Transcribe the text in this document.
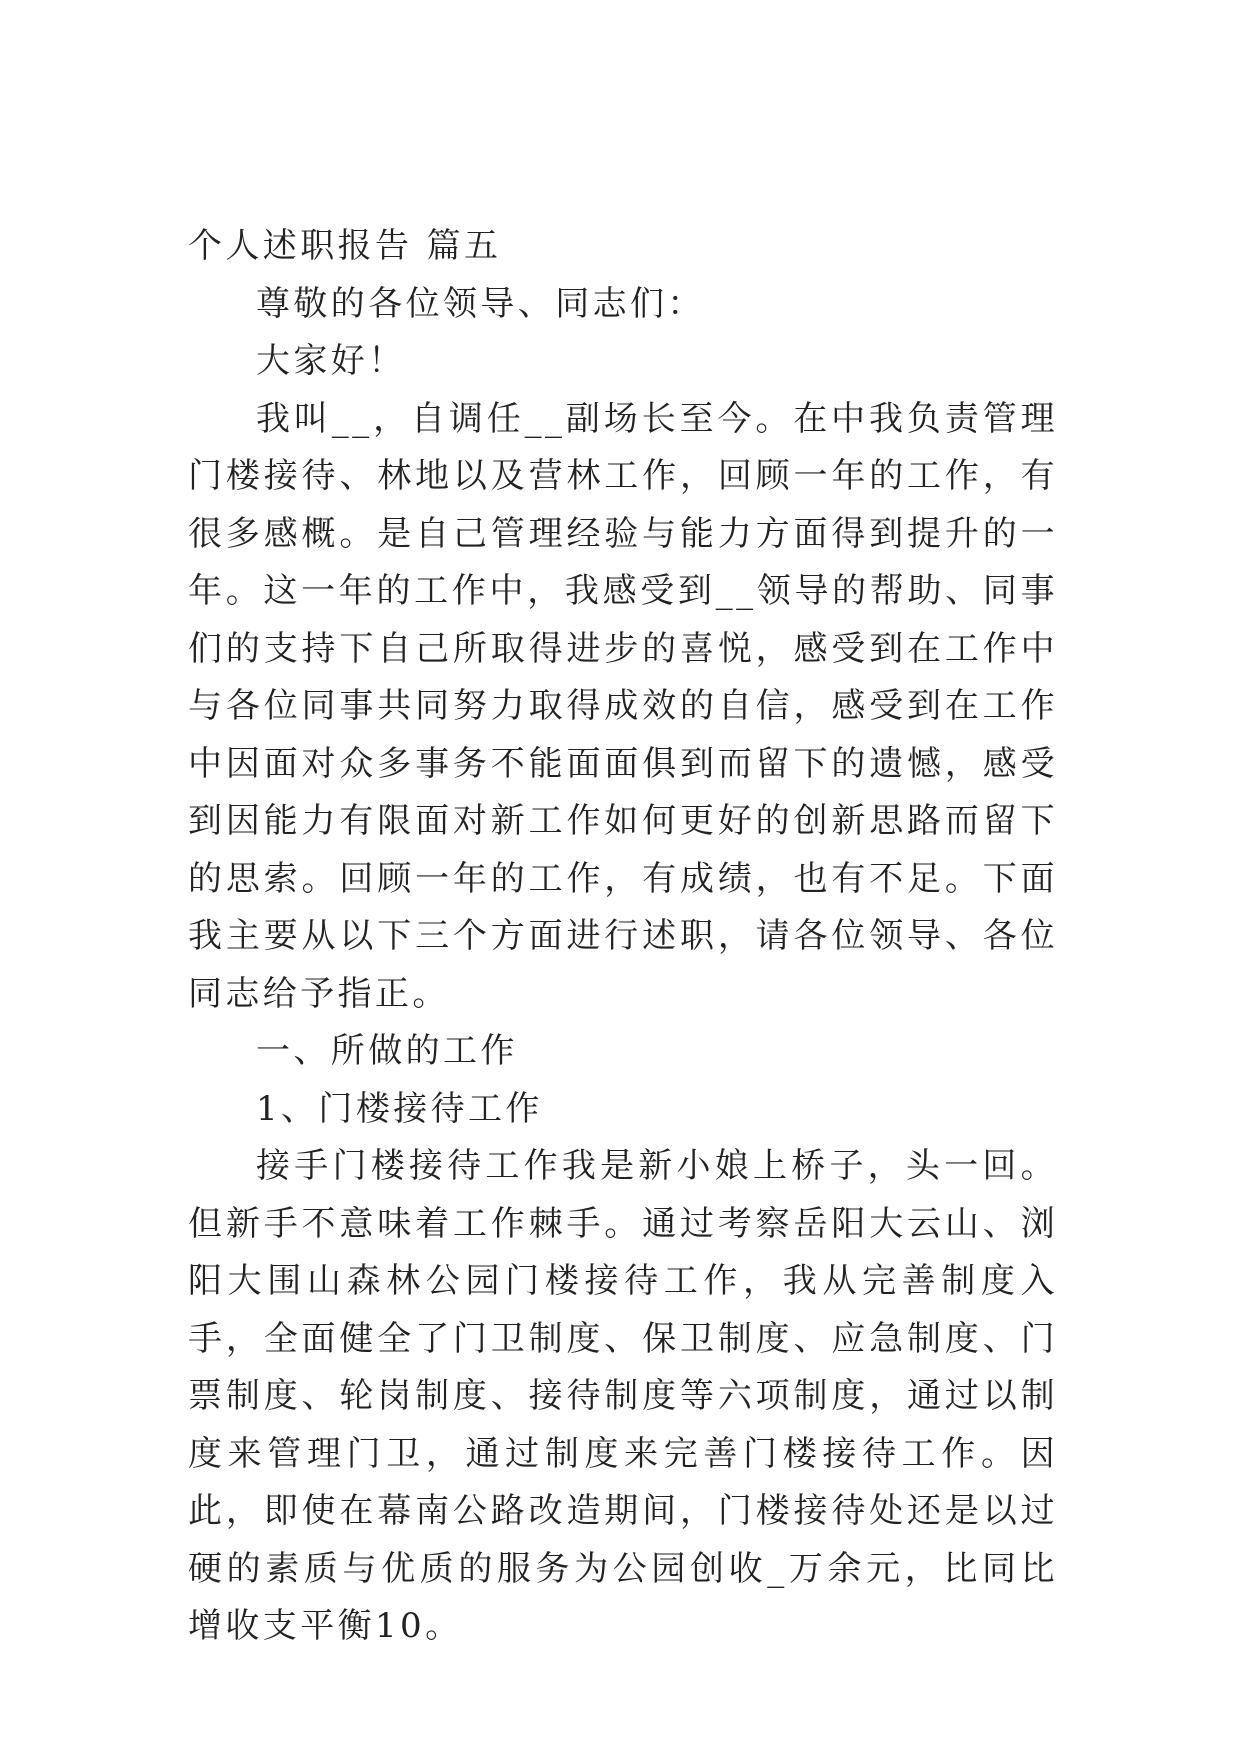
个人述职报告 篇五

尊敬的各位领导、同志们：

大家好！

我叫__，自调任__副场长至今。在中我负责管理门楼接待、林地以及营林工作，回顾一年的工作，有很多感概。是自己管理经验与能力方面得到提升的一年。这一年的工作中，我感受到__领导的帮助、同事们的支持下自己所取得进步的喜悦，感受到在工作中与各位同事共同努力取得成效的自信，感受到在工作中因面对众多事务不能面面俱到而留下的遗憾，感受到因能力有限面对新工作如何更好的创新思路而留下的思索。回顾一年的工作，有成绩，也有不足。下面我主要从以下三个方面进行述职，请各位领导、各位同志给予指正。

一、所做的工作

1、门楼接待工作

接手门楼接待工作我是新小娘上桥子，头一回。但新手不意味着工作棘手。通过考察岳阳大云山、浏阳大围山森林公园门楼接待工作，我从完善制度入手，全面健全了门卫制度、保卫制度、应急制度、门票制度、轮岗制度、接待制度等六项制度，通过以制度来管理门卫，通过制度来完善门楼接待工作。因此，即使在幕南公路改造期间，门楼接待处还是以过硬的素质与优质的服务为公园创收_万余元，比同比增收支平衡10。
